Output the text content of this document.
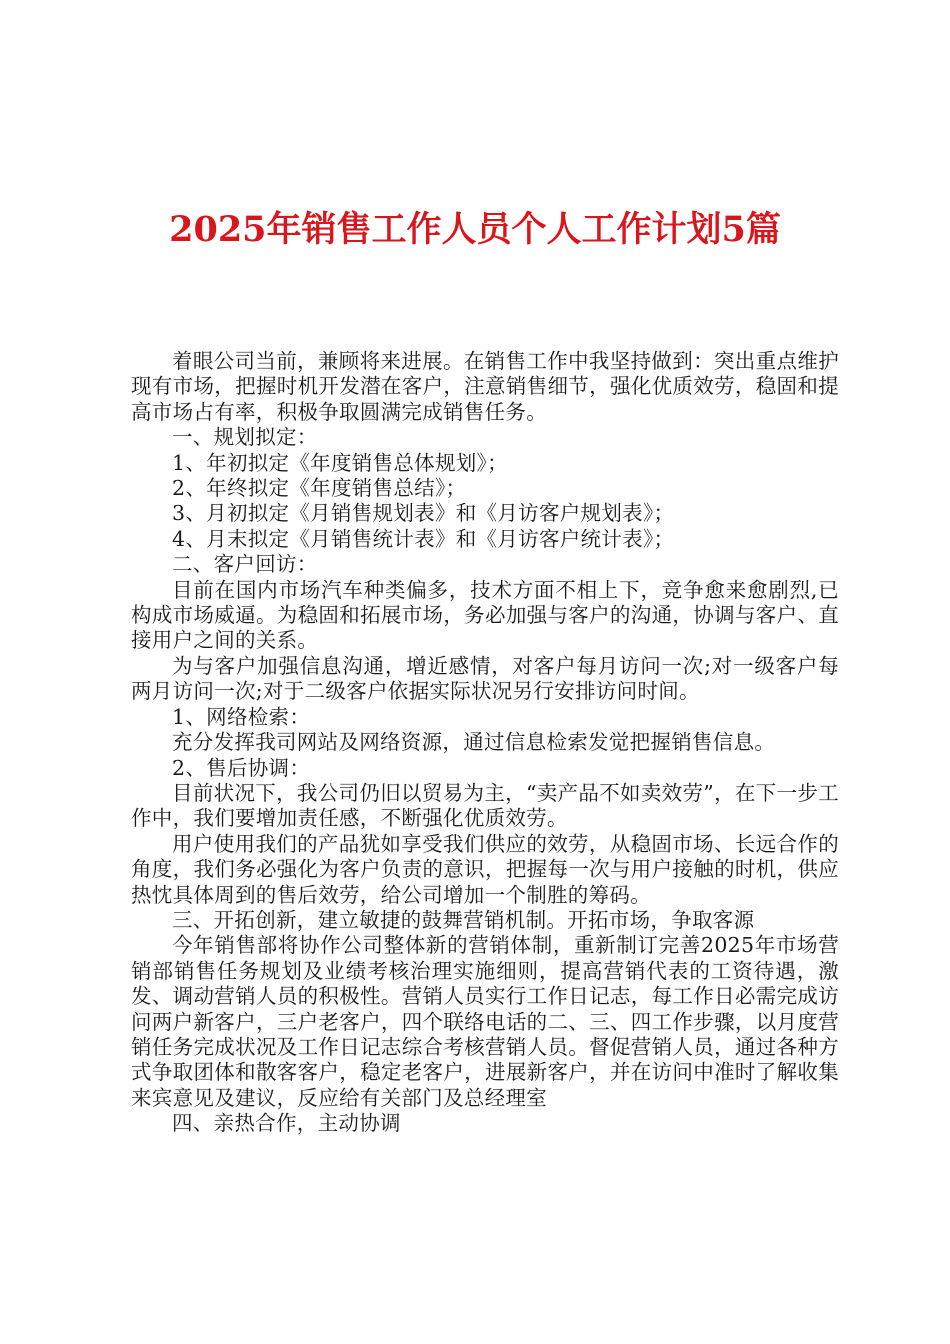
2025年销售工作人员个人工作计划5篇

着眼公司当前，兼顾将来进展。在销售工作中我坚持做到：突出重点维护现有市场，把握时机开发潜在客户，注意销售细节，强化优质效劳，稳固和提高市场占有率，积极争取圆满完成销售任务。

一、规划拟定：

1、年初拟定《年度销售总体规划》；

2、年终拟定《年度销售总结》；

3、月初拟定《月销售规划表》和《月访客户规划表》；

4、月末拟定《月销售统计表》和《月访客户统计表》；

二、客户回访：

目前在国内市场汽车种类偏多，技术方面不相上下，竞争愈来愈剧烈,已构成市场威逼。为稳固和拓展市场，务必加强与客户的沟通，协调与客户、直接用户之间的关系。

为与客户加强信息沟通，增近感情，对客户每月访问一次;对一级客户每两月访问一次;对于二级客户依据实际状况另行安排访问时间。

1、网络检索：

充分发挥我司网站及网络资源，通过信息检索发觉把握销售信息。

2、售后协调：

目前状况下，我公司仍旧以贸易为主，“卖产品不如卖效劳”，在下一步工作中，我们要增加责任感，不断强化优质效劳。

用户使用我们的产品犹如享受我们供应的效劳，从稳固市场、长远合作的角度，我们务必强化为客户负责的意识，把握每一次与用户接触的时机，供应热忱具体周到的售后效劳，给公司增加一个制胜的筹码。

三、开拓创新，建立敏捷的鼓舞营销机制。开拓市场，争取客源

今年销售部将协作公司整体新的营销体制，重新制订完善2025年市场营销部销售任务规划及业绩考核治理实施细则，提高营销代表的工资待遇，激发、调动营销人员的积极性。营销人员实行工作日记志，每工作日必需完成访问两户新客户，三户老客户，四个联络电话的二、三、四工作步骤，以月度营销任务完成状况及工作日记志综合考核营销人员。督促营销人员，通过各种方式争取团体和散客客户，稳定老客户，进展新客户，并在访问中准时了解收集来宾意见及建议，反应给有关部门及总经理室

四、亲热合作，主动协调
